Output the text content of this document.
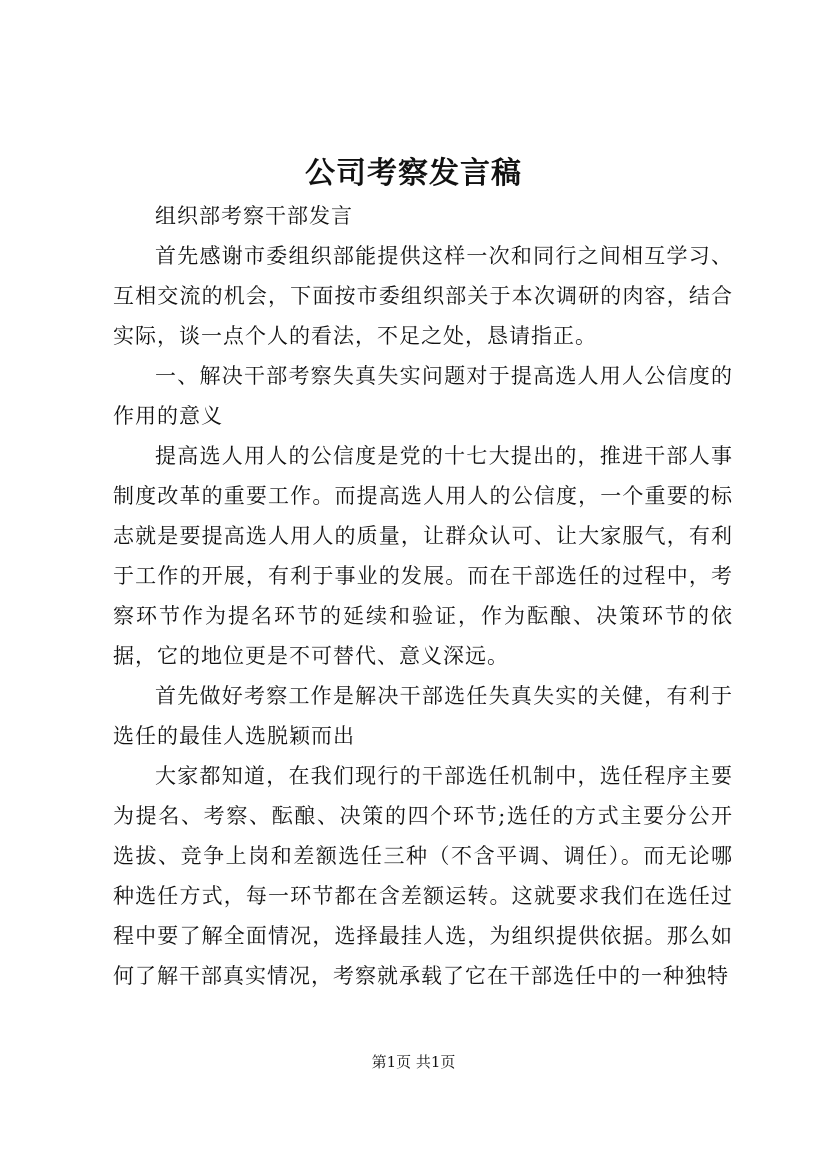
公司考察发言稿

组织部考察干部发言

首先感谢市委组织部能提供这样一次和同行之间相互学习、互相交流的机会，下面按市委组织部关于本次调研的肉容，结合实际，谈一点个人的看法，不足之处，恳请指正。

一、解决干部考察失真失实问题对于提高选人用人公信度的作用的意义

提高选人用人的公信度是党的十七大提出的，推进干部人事制度改革的重要工作。而提高选人用人的公信度，一个重要的标志就是要提高选人用人的质量，让群众认可、让大家服气，有利于工作的开展，有利于事业的发展。而在干部选任的过程中，考察环节作为提名环节的延续和验证，作为酝酿、决策环节的依据，它的地位更是不可替代、意义深远。

首先做好考察工作是解决干部选任失真失实的关健，有利于选任的最佳人选脱颖而出

大家都知道，在我们现行的干部选任机制中，选任程序主要为提名、考察、酝酿、决策的四个环节;选任的方式主要分公开选拔、竞争上岗和差额选任三种（不含平调、调任）。而无论哪种选任方式，每一环节都在含差额运转。这就要求我们在选任过程中要了解全面情况，选择最挂人选，为组织提供依据。那么如何了解干部真实情况，考察就承载了它在干部选任中的一种独特

第1页 共1页
